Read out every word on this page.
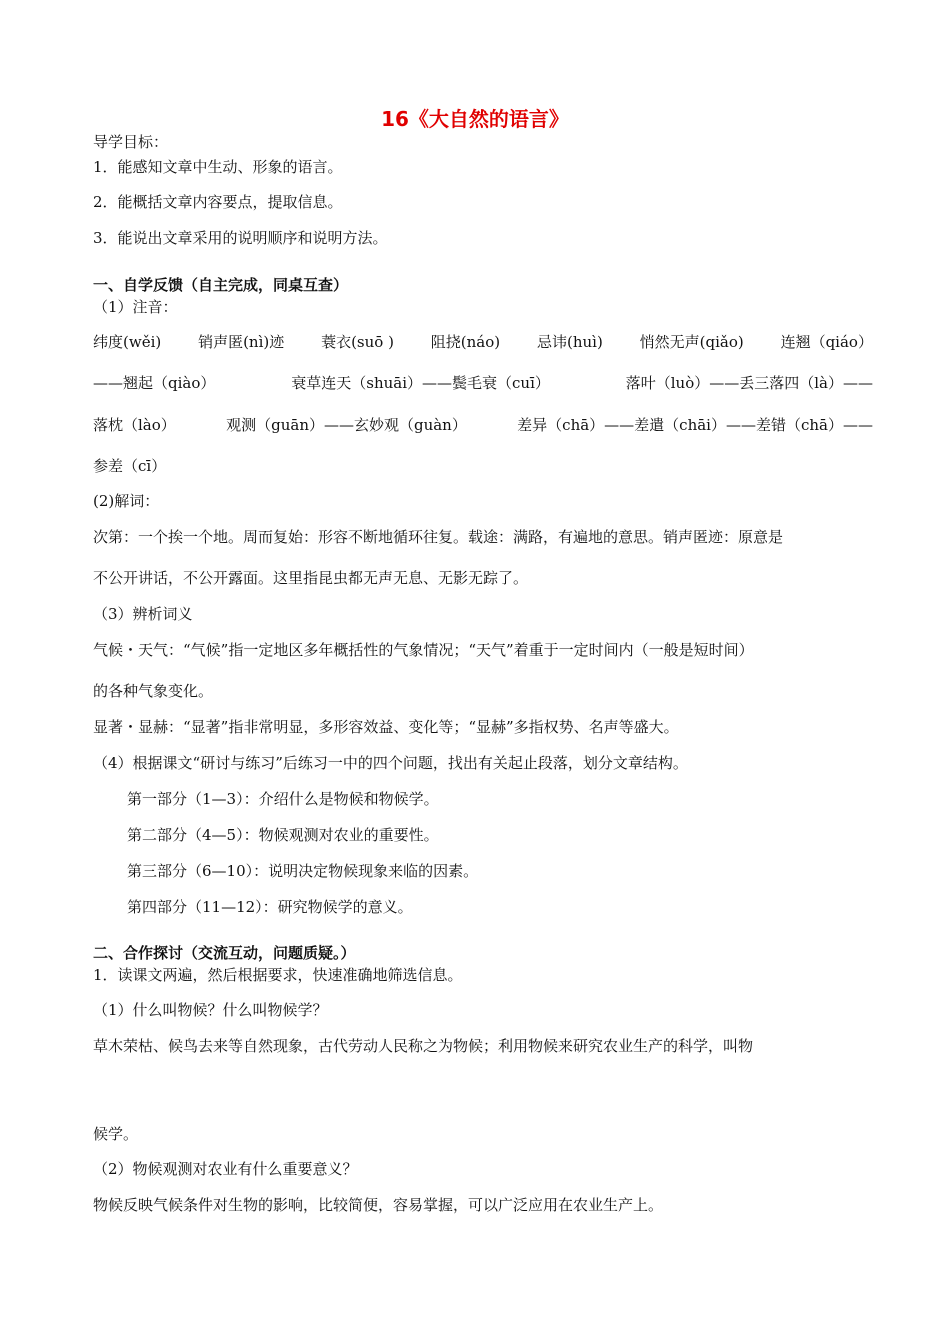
16《大自然的语言》
导学目标：
1．能感知文章中生动、形象的语言。
2．能概括文章内容要点，提取信息。
3．能说出文章采用的说明顺序和说明方法。
一、自学反馈（自主完成，同桌互查）
（1）注音：
纬度(wěi) 销声匿(nì)迹 蓑衣(suō ) 阻挠(náo) 忌讳(huì) 悄然无声(qiǎo) 连翘（qiáo）
——翘起（qiào）	衰草连天（shuāi）——鬓毛衰（cuī）	落叶（luò）——丢三落四（là）——
落枕（lào）	观测（guān）——玄妙观（guàn）	差异（chā）——差遣（chāi）——差错（chā）——
参差（cī）
(2)解词：
次第：一个挨一个地。周而复始：形容不断地循环往复。载途：满路，有遍地的意思。销声匿迹：原意是
不公开讲话，不公开露面。这里指昆虫都无声无息、无影无踪了。
（3）辨析词义
气候・天气：“气候”指一定地区多年概括性的气象情况；“天气”着重于一定时间内（一般是短时间）
的各种气象变化。
显著・显赫：“显著”指非常明显，多形容效益、变化等；“显赫”多指权势、名声等盛大。
（4）根据课文“研讨与练习”后练习一中的四个问题，找出有关起止段落，划分文章结构。
第一部分（1—3）：介绍什么是物候和物候学。
第二部分（4—5）：物候观测对农业的重要性。
第三部分（6—10）：说明决定物候现象来临的因素。
第四部分（11—12）：研究物候学的意义。
二、合作探讨（交流互动，问题质疑。）
1．读课文两遍，然后根据要求，快速准确地筛选信息。
（1）什么叫物候？什么叫物候学？
草木荣枯、候鸟去来等自然现象，古代劳动人民称之为物候；利用物候来研究农业生产的科学，叫物
候学。
（2）物候观测对农业有什么重要意义？
物候反映气候条件对生物的影响，比较简便，容易掌握，可以广泛应用在农业生产上。
